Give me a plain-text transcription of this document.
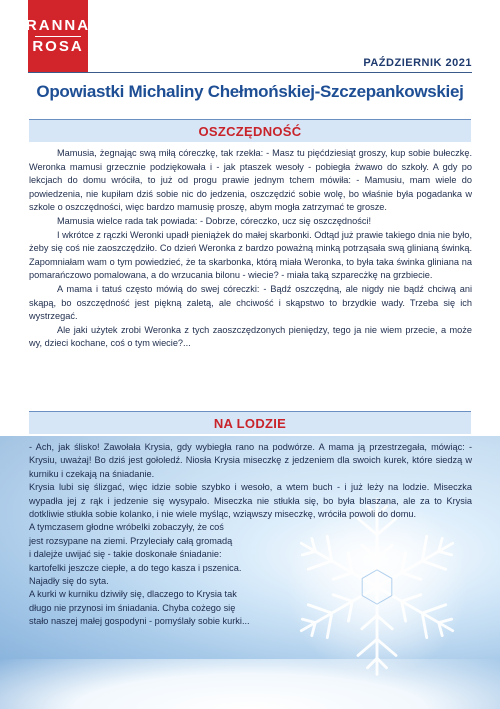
RANNA
ROSA
PAŹDZIERNIK 2021
Opowiastki Michaliny Chełmońskiej-Szczepankowskiej
OSZCZĘDNOŚĆ

Mamusia, żegnając swą miłą córeczkę, tak rzekła: - Masz tu pięćdziesiąt groszy, kup sobie bułeczkę. Weronka mamusi grzecznie podziękowała i - jak ptaszek wesoły - pobiegła żwawo do szkoły. A gdy po lekcjach do domu wróciła, to już od progu prawie jednym tchem mówiła: - Mamusiu, mam wiele do powiedzenia, nie kupiłam dziś sobie nic do jedzenia, oszczędzić sobie wolę, bo właśnie była pogadanka w szkole o oszczędności, więc bardzo mamusię proszę, abym mogła zatrzymać te grosze.

Mamusia wielce rada tak powiada: - Dobrze, córeczko, ucz się oszczędności!

I wkrótce z rączki Weronki upadł pieniążek do małej skarbonki. Odtąd już prawie takiego dnia nie było, żeby się coś nie zaoszczędziło. Co dzień Weronka z bardzo poważną minką potrząsała swą glinianą świnką. Zapomniałam wam o tym powiedzieć, że ta skarbonka, którą miała Weronka, to była taka świnka gliniana na pomarańczowo pomalowana, a do wrzucania bilonu - wiecie? - miała taką szparecżkę na grzbiecie.

A mama i tatuś często mówią do swej córeczki: - Bądź oszczędną, ale nigdy nie bądź chciwą ani skąpą, bo oszczędność jest piękną zaletą, ale chciwość i skąpstwo to brzydkie wady. Trzeba się ich wystrzegać.

Ale jaki użytek zrobi Weronka z tych zaoszczędzonych pieniędzy, tego ja nie wiem przecie, a może wy, dzieci kochane, coś o tym wiecie?...

NA LODZIE

- Ach, jak ślisko! Zawołała Krysia, gdy wybiegła rano na podwórze. A mama ją przestrzegała, mówiąc: - Krysiu, uważaj! Bo dziś jest gołoledź. Niosła Krysia miseczkę z jedzeniem dla swoich kurek, które siedzą w kurniku i czekają na śniadanie.

Krysia lubi się ślizgać, więc idzie sobie szybko i wesoło, a wtem buch - i już leży na lodzie. Miseczka wypadła jej z rąk i jedzenie się wysypało. Miseczka nie stłukła się, bo była blaszana, ale za to Krysia dotkliwie stłukła sobie kolanko, i nie wiele myśląc, wziąwszy miseczkę, wróciła powoli do domu.

A tymczasem głodne wróbelki zobaczyły, że coś

jest rozsypane na ziemi. Przyleciały całą gromadą

i dalejże uwijać się - takie doskonałe śniadanie:

kartofelki jeszcze ciepłe, a do tego kasza i pszenica.

Najadły się do syta.

A kurki w kurniku dziwiły się, dlaczego to Krysia tak

długo nie przynosi im śniadania. Chyba cożego się

stało naszej małej gospodyni - pomyślały sobie kurki...
